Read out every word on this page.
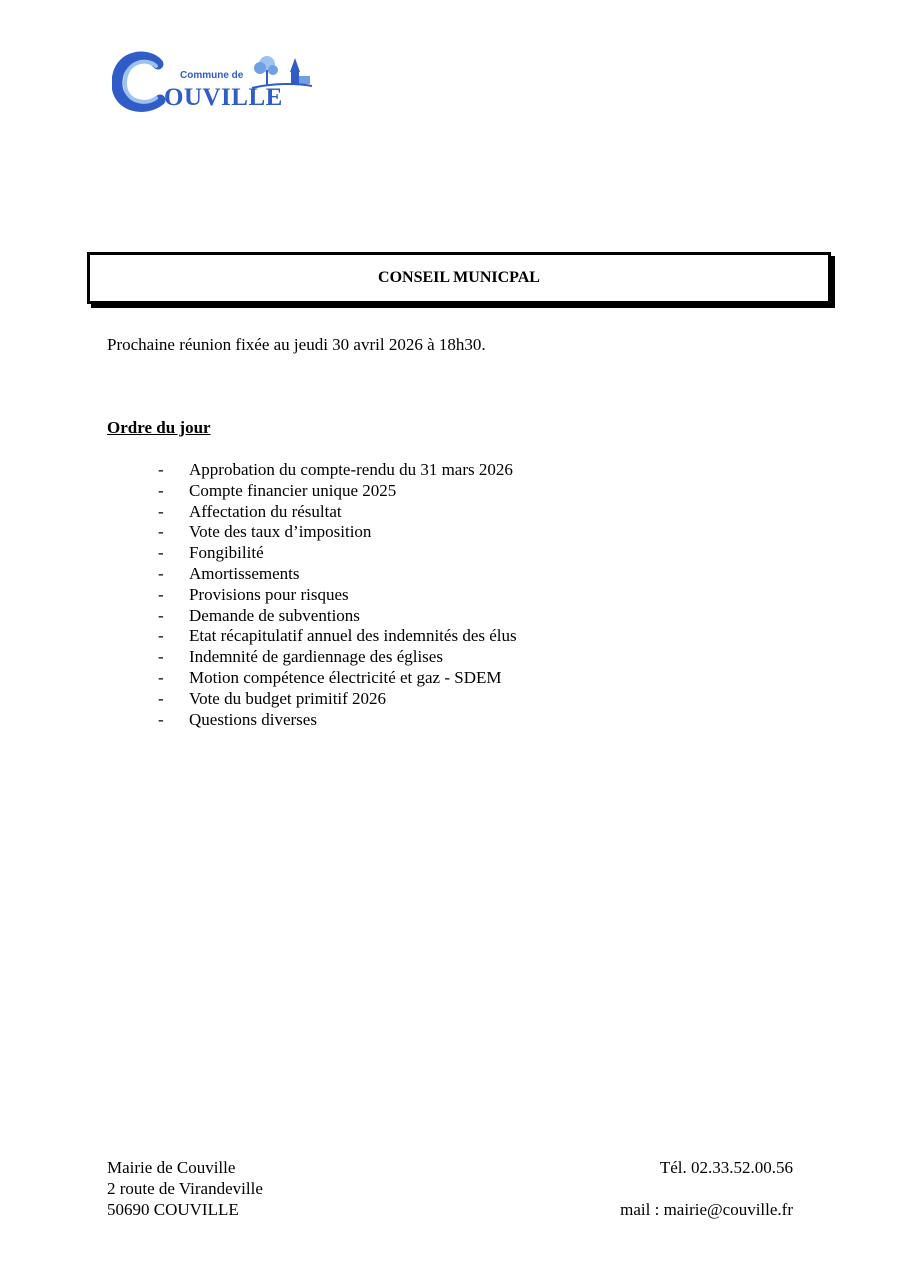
Commune de
OUVILLE
CONSEIL MUNICPAL
Prochaine réunion fixée au jeudi 30 avril 2026 à 18h30.
Ordre du jour
- Approbation du compte-rendu du 31 mars 2026
- Compte financier unique 2025
- Affectation du résultat
- Vote des taux d’imposition
- Fongibilité
- Amortissements
- Provisions pour risques
- Demande de subventions
- Etat récapitulatif annuel des indemnités des élus
- Indemnité de gardiennage des églises
- Motion compétence électricité et gaz - SDEM
- Vote du budget primitif 2026
- Questions diverses
Mairie de Couville
2 route de Virandeville
50690 COUVILLE
Tél. 02.33.52.00.56
mail : mairie@couville.fr
